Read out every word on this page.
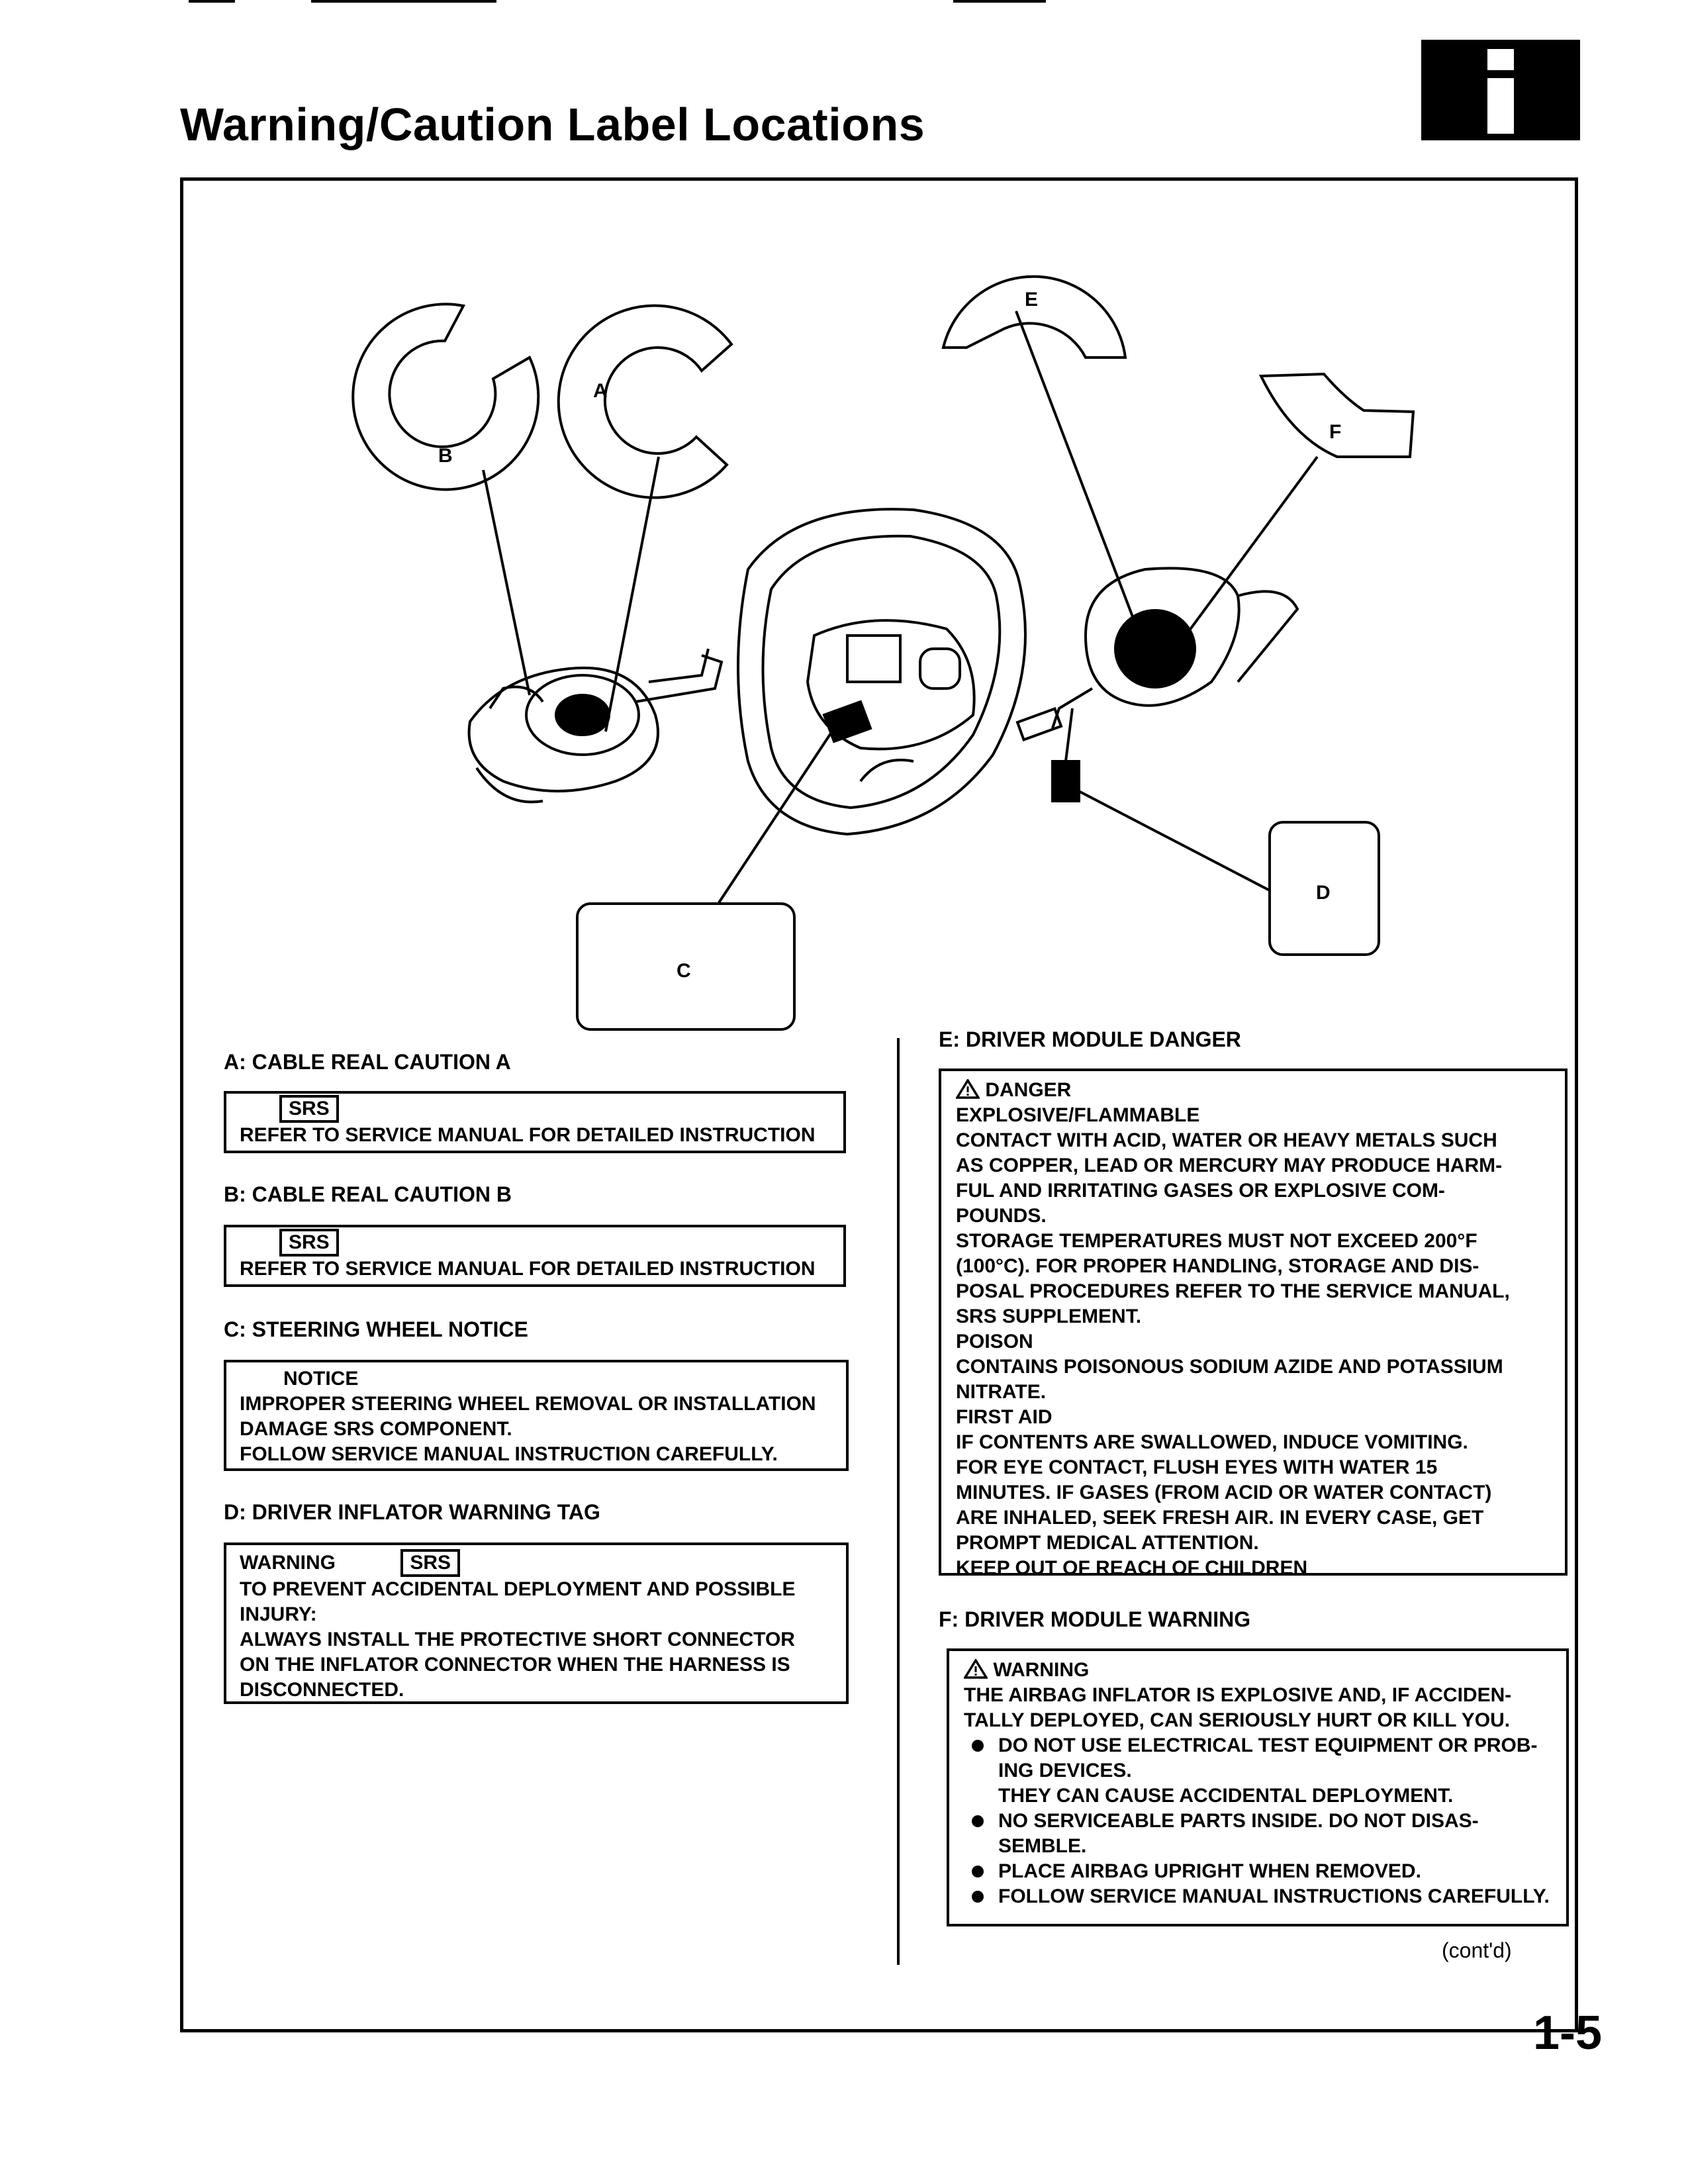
Warning/Caution Label Locations
A
B
C
D
E
F
A: CABLE REAL CAUTION A
SRS
REFER TO SERVICE MANUAL FOR DETAILED INSTRUCTION
B: CABLE REAL CAUTION B
SRS
REFER TO SERVICE MANUAL FOR DETAILED INSTRUCTION
C: STEERING WHEEL NOTICE
NOTICE
IMPROPER STEERING WHEEL REMOVAL OR INSTALLATION
DAMAGE SRS COMPONENT.
FOLLOW SERVICE MANUAL INSTRUCTION CAREFULLY.
D: DRIVER INFLATOR WARNING TAG
WARNING	SRS
TO PREVENT ACCIDENTAL DEPLOYMENT AND POSSIBLE
INJURY:
ALWAYS INSTALL THE PROTECTIVE SHORT CONNECTOR
ON THE INFLATOR CONNECTOR WHEN THE HARNESS IS
DISCONNECTED.
E: DRIVER MODULE DANGER
DANGER
EXPLOSIVE/FLAMMABLE
CONTACT WITH ACID, WATER OR HEAVY METALS SUCH
AS COPPER, LEAD OR MERCURY MAY PRODUCE HARM-
FUL AND IRRITATING GASES OR EXPLOSIVE COM-
POUNDS.
STORAGE TEMPERATURES MUST NOT EXCEED 200°F
(100°C). FOR PROPER HANDLING, STORAGE AND DIS-
POSAL PROCEDURES REFER TO THE SERVICE MANUAL,
SRS SUPPLEMENT.
POISON
CONTAINS POISONOUS SODIUM AZIDE AND POTASSIUM
NITRATE.
FIRST AID
IF CONTENTS ARE SWALLOWED, INDUCE VOMITING.
FOR EYE CONTACT, FLUSH EYES WITH WATER 15
MINUTES. IF GASES (FROM ACID OR WATER CONTACT)
ARE INHALED, SEEK FRESH AIR. IN EVERY CASE, GET
PROMPT MEDICAL ATTENTION.
KEEP OUT OF REACH OF CHILDREN
F: DRIVER MODULE WARNING
WARNING
THE AIRBAG INFLATOR IS EXPLOSIVE AND, IF ACCIDEN-
TALLY DEPLOYED, CAN SERIOUSLY HURT OR KILL YOU.
DO NOT USE ELECTRICAL TEST EQUIPMENT OR PROB-ING DEVICES.
THEY CAN CAUSE ACCIDENTAL DEPLOYMENT.
NO SERVICEABLE PARTS INSIDE. DO NOT DISAS-SEMBLE.
PLACE AIRBAG UPRIGHT WHEN REMOVED.
FOLLOW SERVICE MANUAL INSTRUCTIONS CAREFULLY.
(cont'd)
1-5
